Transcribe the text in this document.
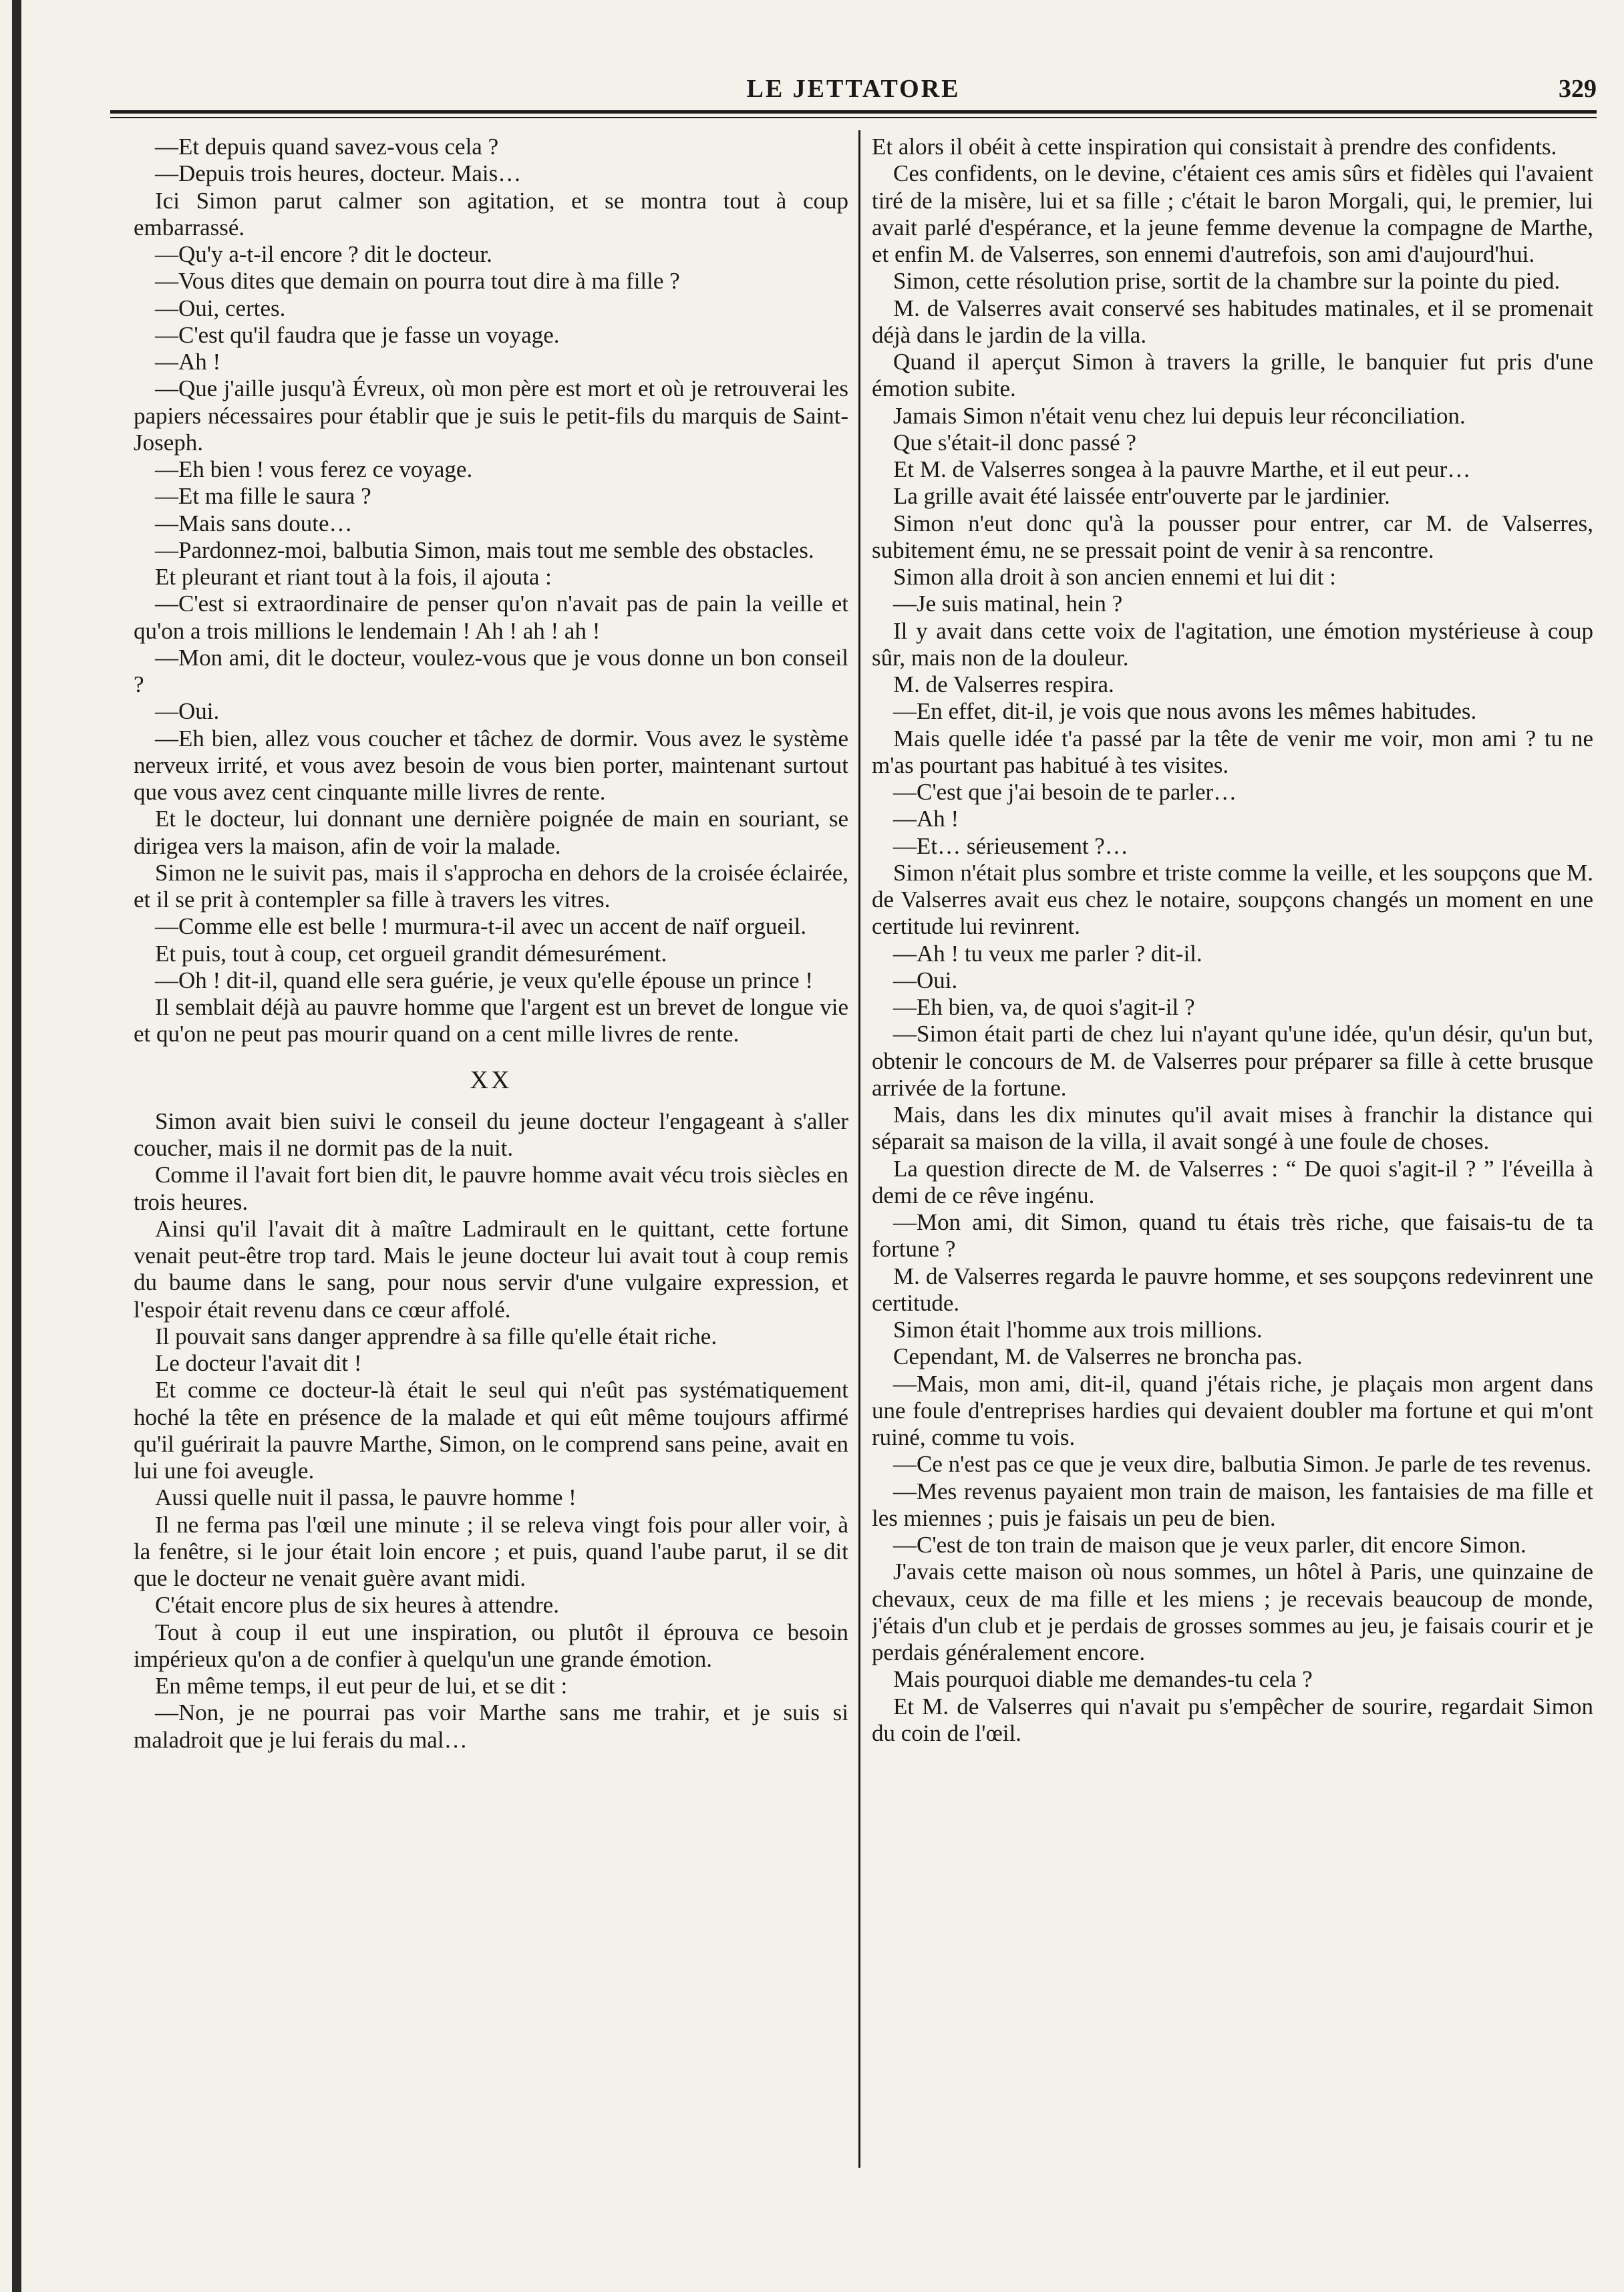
LE JETTATORE	329

—Et depuis quand savez-vous cela ?

—Depuis trois heures, docteur. Mais…

Ici Simon parut calmer son agitation, et se montra tout à coup embarrassé.

—Qu'y a-t-il encore ? dit le docteur.

—Vous dites que demain on pourra tout dire à ma fille ?

—Oui, certes.

—C'est qu'il faudra que je fasse un voyage.

—Ah !

—Que j'aille jusqu'à Évreux, où mon père est mort et où je retrouverai les papiers nécessaires pour établir que je suis le petit-fils du marquis de Saint-Joseph.

—Eh bien ! vous ferez ce voyage.

—Et ma fille le saura ?

—Mais sans doute…

—Pardonnez-moi, balbutia Simon, mais tout me semble des obstacles.

Et pleurant et riant tout à la fois, il ajouta :

—C'est si extraordinaire de penser qu'on n'avait pas de pain la veille et qu'on a trois millions le lendemain ! Ah ! ah ! ah !

—Mon ami, dit le docteur, voulez-vous que je vous donne un bon conseil ?

—Oui.

—Eh bien, allez vous coucher et tâchez de dormir. Vous avez le système nerveux irrité, et vous avez besoin de vous bien porter, maintenant surtout que vous avez cent cinquante mille livres de rente.

Et le docteur, lui donnant une dernière poignée de main en souriant, se dirigea vers la maison, afin de voir la malade.

Simon ne le suivit pas, mais il s'approcha en dehors de la croisée éclairée, et il se prit à contempler sa fille à travers les vitres.

—Comme elle est belle ! murmura-t-il avec un accent de naïf orgueil.

Et puis, tout à coup, cet orgueil grandit démesurément.

—Oh ! dit-il, quand elle sera guérie, je veux qu'elle épouse un prince !

Il semblait déjà au pauvre homme que l'argent est un brevet de longue vie et qu'on ne peut pas mourir quand on a cent mille livres de rente.

XX

Simon avait bien suivi le conseil du jeune docteur l'engageant à s'aller coucher, mais il ne dormit pas de la nuit.

Comme il l'avait fort bien dit, le pauvre homme avait vécu trois siècles en trois heures.

Ainsi qu'il l'avait dit à maître Ladmirault en le quittant, cette fortune venait peut-être trop tard. Mais le jeune docteur lui avait tout à coup remis du baume dans le sang, pour nous servir d'une vulgaire expression, et l'espoir était revenu dans ce cœur affolé.

Il pouvait sans danger apprendre à sa fille qu'elle était riche.

Le docteur l'avait dit !

Et comme ce docteur-là était le seul qui n'eût pas systématiquement hoché la tête en présence de la malade et qui eût même toujours affirmé qu'il guérirait la pauvre Marthe, Simon, on le comprend sans peine, avait en lui une foi aveugle.

Aussi quelle nuit il passa, le pauvre homme !

Il ne ferma pas l'œil une minute ; il se releva vingt fois pour aller voir, à la fenêtre, si le jour était loin encore ; et puis, quand l'aube parut, il se dit que le docteur ne venait guère avant midi.

C'était encore plus de six heures à attendre.

Tout à coup il eut une inspiration, ou plutôt il éprouva ce besoin impérieux qu'on a de confier à quelqu'un une grande émotion.

En même temps, il eut peur de lui, et se dit :

—Non, je ne pourrai pas voir Marthe sans me trahir, et je suis si maladroit que je lui ferais du mal…

Et alors il obéit à cette inspiration qui consistait à prendre des confidents.

Ces confidents, on le devine, c'étaient ces amis sûrs et fidèles qui l'avaient tiré de la misère, lui et sa fille ; c'était le baron Morgali, qui, le premier, lui avait parlé d'espérance, et la jeune femme devenue la compagne de Marthe, et enfin M. de Valserres, son ennemi d'autrefois, son ami d'aujourd'hui.

Simon, cette résolution prise, sortit de la chambre sur la pointe du pied.

M. de Valserres avait conservé ses habitudes matinales, et il se promenait déjà dans le jardin de la villa.

Quand il aperçut Simon à travers la grille, le banquier fut pris d'une émotion subite.

Jamais Simon n'était venu chez lui depuis leur réconciliation.

Que s'était-il donc passé ?

Et M. de Valserres songea à la pauvre Marthe, et il eut peur…

La grille avait été laissée entr'ouverte par le jardinier.

Simon n'eut donc qu'à la pousser pour entrer, car M. de Valserres, subitement ému, ne se pressait point de venir à sa rencontre.

Simon alla droit à son ancien ennemi et lui dit :

—Je suis matinal, hein ?

Il y avait dans cette voix de l'agitation, une émotion mystérieuse à coup sûr, mais non de la douleur.

M. de Valserres respira.

—En effet, dit-il, je vois que nous avons les mêmes habitudes.

Mais quelle idée t'a passé par la tête de venir me voir, mon ami ? tu ne m'as pourtant pas habitué à tes visites.

—C'est que j'ai besoin de te parler…

—Ah !

—Et… sérieusement ?…

Simon n'était plus sombre et triste comme la veille, et les soupçons que M. de Valserres avait eus chez le notaire, soupçons changés un moment en une certitude lui revinrent.

—Ah ! tu veux me parler ? dit-il.

—Oui.

—Eh bien, va, de quoi s'agit-il ?

—Simon était parti de chez lui n'ayant qu'une idée, qu'un désir, qu'un but, obtenir le concours de M. de Valserres pour préparer sa fille à cette brusque arrivée de la fortune.

Mais, dans les dix minutes qu'il avait mises à franchir la distance qui séparait sa maison de la villa, il avait songé à une foule de choses.

La question directe de M. de Valserres : “ De quoi s'agit-il ? ” l'éveilla à demi de ce rêve ingénu.

—Mon ami, dit Simon, quand tu étais très riche, que faisais-tu de ta fortune ?

M. de Valserres regarda le pauvre homme, et ses soupçons redevinrent une certitude.

Simon était l'homme aux trois millions.

Cependant, M. de Valserres ne broncha pas.

—Mais, mon ami, dit-il, quand j'étais riche, je plaçais mon argent dans une foule d'entreprises hardies qui devaient doubler ma fortune et qui m'ont ruiné, comme tu vois.

—Ce n'est pas ce que je veux dire, balbutia Simon. Je parle de tes revenus.

—Mes revenus payaient mon train de maison, les fantaisies de ma fille et les miennes ; puis je faisais un peu de bien.

—C'est de ton train de maison que je veux parler, dit encore Simon.

J'avais cette maison où nous sommes, un hôtel à Paris, une quinzaine de chevaux, ceux de ma fille et les miens ; je recevais beaucoup de monde, j'étais d'un club et je perdais de grosses sommes au jeu, je faisais courir et je perdais généralement encore.

Mais pourquoi diable me demandes-tu cela ?

Et M. de Valserres qui n'avait pu s'empêcher de sourire, regardait Simon du coin de l'œil.
